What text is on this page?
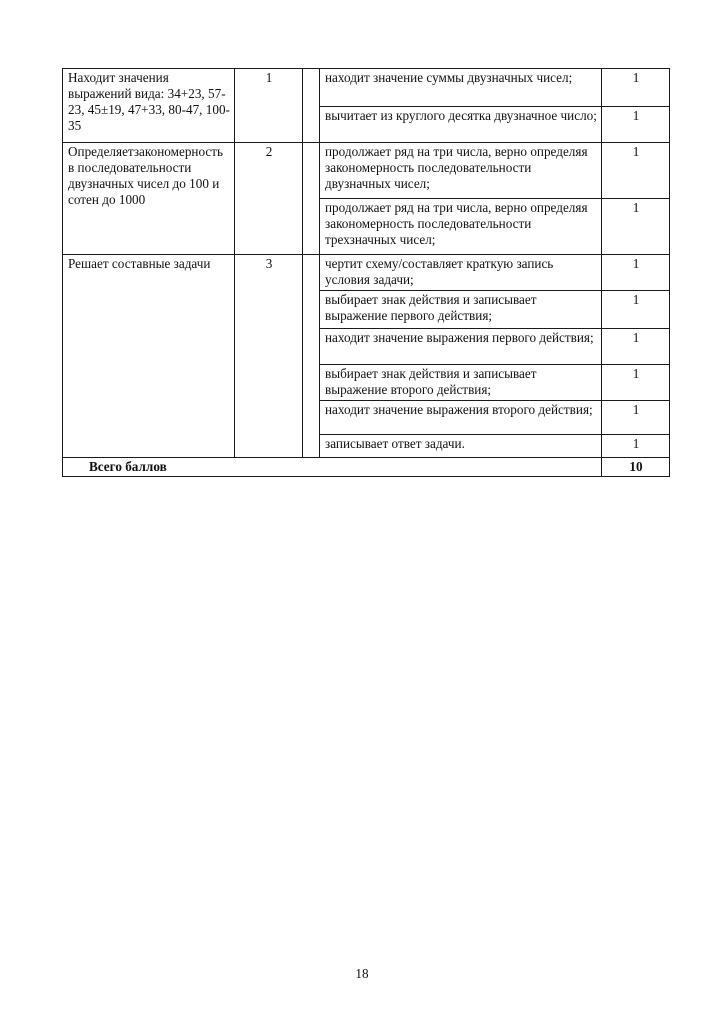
Находит значения выражений вида: 34+23, 57-23, 45±19, 47+33, 80-47, 100-35	1		находит значение суммы двузначных чисел;	1
			вычитает из круглого десятка двузначное число;	1
Определяетзакономерность в последовательности двузначных чисел до 100 и сотен до 1000	2		продолжает ряд на три числа, верно определяя закономерность последовательности двузначных чисел;	1
			продолжает ряд на три числа, верно определяя закономерность последовательности трехзначных чисел;	1
Решает составные задачи	3		чертит схему/составляет краткую запись условия задачи;	1
			выбирает знак действия и записывает выражение первого действия;	1
			находит значение выражения первого действия;	1
			выбирает знак действия и записывает выражение второго действия;	1
			находит значение выражения второго действия;	1
			записывает ответ задачи.	1
Всего баллов				10
18
